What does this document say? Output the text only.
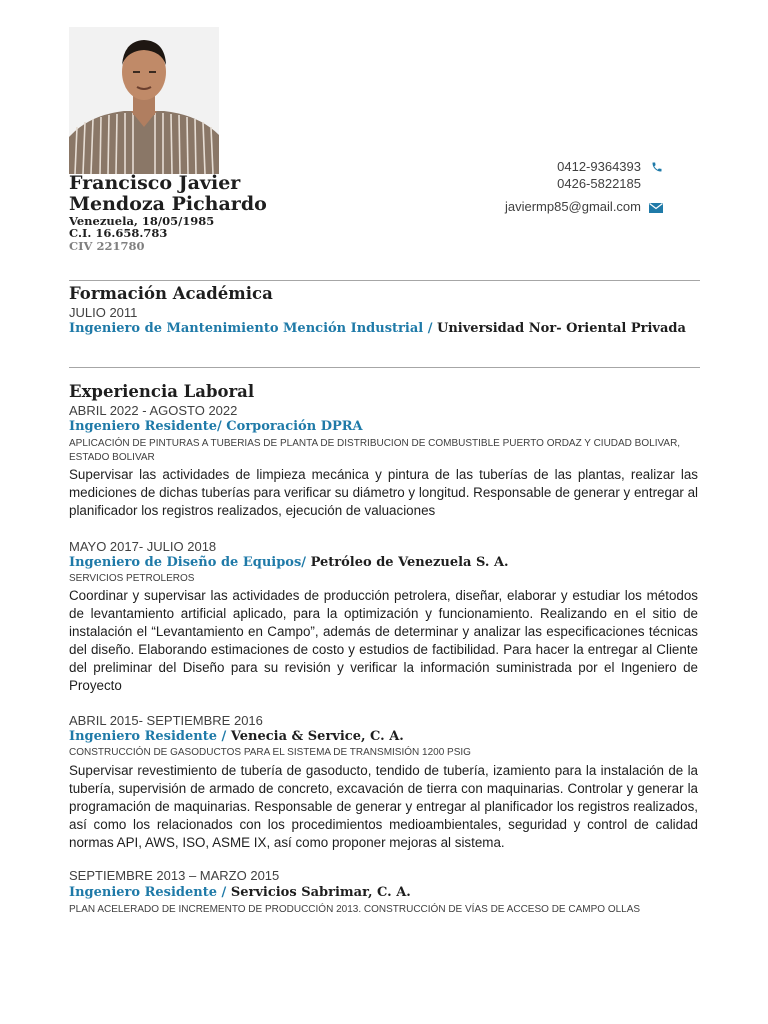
Francisco Javier
Mendoza Pichardo
Venezuela, 18/05/1985
C.I. 16.658.783
CIV 221780
0412-9364393
0426-5822185
javiermp85@gmail.com
Formación Académica
JULIO 2011
Ingeniero de Mantenimiento Mención Industrial / Universidad Nor- Oriental Privada
Experiencia Laboral
ABRIL 2022 - AGOSTO 2022
Ingeniero Residente/ Corporación DPRA
APLICACIÓN DE PINTURAS A TUBERIAS DE PLANTA DE DISTRIBUCION DE COMBUSTIBLE PUERTO ORDAZ Y CIUDAD BOLIVAR, ESTADO BOLIVAR
Supervisar las actividades de limpieza mecánica y pintura de las tuberías de las plantas, realizar las mediciones de dichas tuberías para verificar su diámetro y longitud. Responsable de generar y entregar al planificador los registros realizados, ejecución de valuaciones
MAYO 2017- JULIO 2018
Ingeniero de Diseño de Equipos/ Petróleo de Venezuela S. A.
SERVICIOS PETROLEROS
Coordinar y supervisar las actividades de producción petrolera, diseñar, elaborar y estudiar los métodos de levantamiento artificial aplicado, para la optimización y funcionamiento. Realizando en el sitio de instalación el “Levantamiento en Campo”, además de determinar y analizar las especificaciones técnicas del diseño. Elaborando estimaciones de costo y estudios de factibilidad. Para hacer la entregar al Cliente del preliminar del Diseño para su revisión y verificar la información suministrada por el Ingeniero de Proyecto
ABRIL 2015- SEPTIEMBRE 2016
Ingeniero Residente / Venecia & Service, C. A.
CONSTRUCCIÓN DE GASODUCTOS PARA EL SISTEMA DE TRANSMISIÓN 1200 PSIG
Supervisar revestimiento de tubería de gasoducto, tendido de tubería, izamiento para la instalación de la tubería, supervisión de armado de concreto, excavación de tierra con maquinarias. Controlar y generar la programación de maquinarias. Responsable de generar y entregar al planificador los registros realizados, así como los relacionados con los procedimientos medioambientales, seguridad y control de calidad normas API, AWS, ISO, ASME IX, así como proponer mejoras al sistema.
SEPTIEMBRE 2013 – MARZO 2015
Ingeniero Residente / Servicios Sabrimar, C. A.
PLAN ACELERADO DE INCREMENTO DE PRODUCCIÓN 2013. CONSTRUCCIÓN DE VÍAS DE ACCESO DE CAMPO OLLAS
